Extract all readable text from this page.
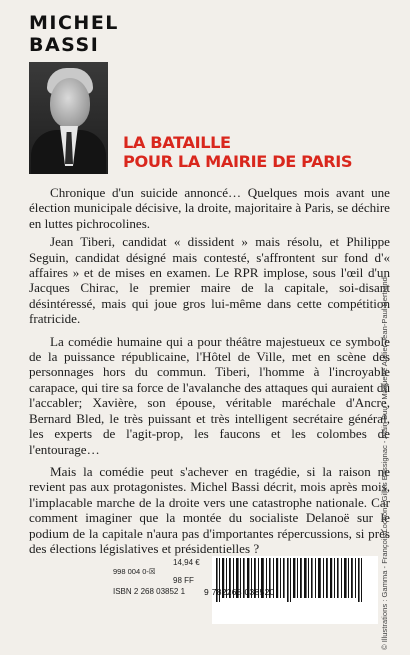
MICHEL
BASSI
LA BATAILLE
POUR LA MAIRIE DE PARIS

Chronique d'un suicide annoncé… Quelques mois avant une élection municipale décisive, la droite, majoritaire à Paris, se déchire en luttes pichrocolines.

Jean Tiberi, candidat « dissident » mais résolu, et Philippe Seguin, candidat désigné mais contesté, s'affrontent sur fond d'« affaires » et de mises en examen. Le RPR implose, sous l'œil d'un Jacques Chirac, le premier maire de la capitale, soi-disant désintéressé, mais qui joue gros lui-même dans cette compétition fratricide.

La comédie humaine qui a pour théâtre majestueux ce symbole de la puissance républicaine, l'Hôtel de Ville, met en scène des personnages hors du commun. Tiberi, l'homme à l'incroyable carapace, qui tire sa force de l'avalanche des attaques qui auraient dû l'accabler; Xavière, son épouse, véritable maréchale d'Ancre, Bernard Bled, le très puissant et très intelligent secrétaire général, les experts de l'agit-prop, les faucons et les colombes de l'entourage…

Mais la comédie peut s'achever en tragédie, si la raison ne revient pas aux protagonistes. Michel Bassi décrit, mois après mois, l'implacable marche de la droite vers une catastrophe nationale. Car comment imaginer que la montée du socialiste Delanoë sur le podium de la capitale n'aura pas d'importantes répercussions, si près des élections législatives et présidentielles ?	© Illustrations : Gamma - François Lochon / Gilles Bassignac - Alain Buu - Maquette Atelier Jean-Paul Bertrand
14,94 €
998 004 0-☒
98 FF
ISBN 2 268 03852 1 9 782268 038520
